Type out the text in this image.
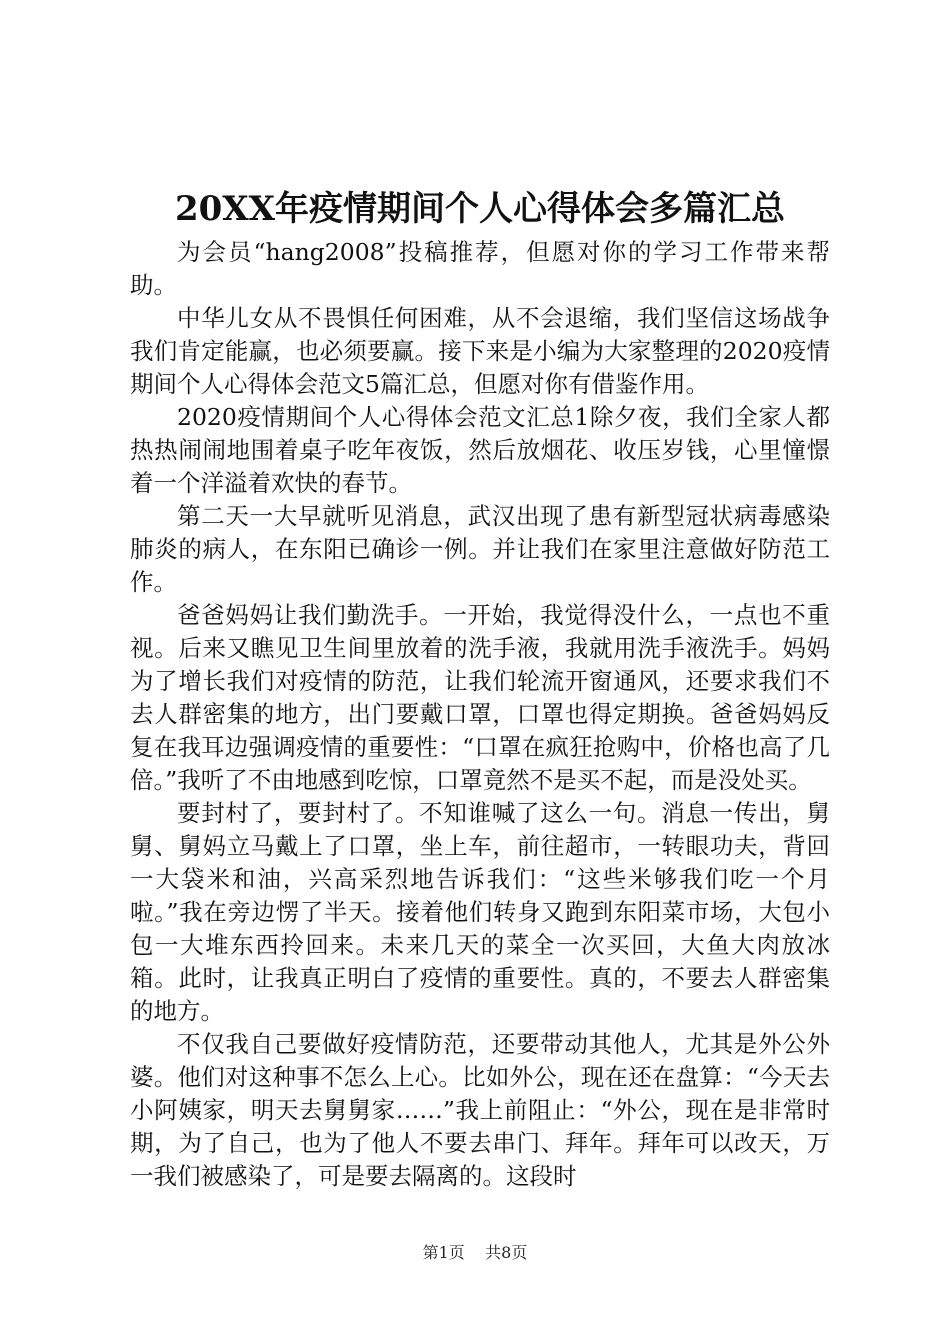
20XX年疫情期间个人心得体会多篇汇总

为会员“hang2008”投稿推荐，但愿对你的学习工作带来帮助。

中华儿女从不畏惧任何困难，从不会退缩，我们坚信这场战争我们肯定能赢，也必须要赢。接下来是小编为大家整理的2020疫情期间个人心得体会范文5篇汇总，但愿对你有借鉴作用。

2020疫情期间个人心得体会范文汇总1除夕夜，我们全家人都热热闹闹地围着桌子吃年夜饭，然后放烟花、收压岁钱，心里憧憬着一个洋溢着欢快的春节。

第二天一大早就听见消息，武汉出现了患有新型冠状病毒感染肺炎的病人，在东阳已确诊一例。并让我们在家里注意做好防范工作。

爸爸妈妈让我们勤洗手。一开始，我觉得没什么，一点也不重视。后来又瞧见卫生间里放着的洗手液，我就用洗手液洗手。妈妈为了增长我们对疫情的防范，让我们轮流开窗通风，还要求我们不去人群密集的地方，出门要戴口罩，口罩也得定期换。爸爸妈妈反复在我耳边强调疫情的重要性：“口罩在疯狂抢购中，价格也高了几倍。”我听了不由地感到吃惊，口罩竟然不是买不起，而是没处买。

要封村了，要封村了。不知谁喊了这么一句。消息一传出，舅舅、舅妈立马戴上了口罩，坐上车，前往超市，一转眼功夫，背回一大袋米和油，兴高采烈地告诉我们：“这些米够我们吃一个月啦。”我在旁边愣了半天。接着他们转身又跑到东阳菜市场，大包小包一大堆东西拎回来。未来几天的菜全一次买回，大鱼大肉放冰箱。此时，让我真正明白了疫情的重要性。真的，不要去人群密集的地方。

不仅我自己要做好疫情防范，还要带动其他人，尤其是外公外婆。他们对这种事不怎么上心。比如外公，现在还在盘算：“今天去小阿姨家，明天去舅舅家……”我上前阻止：“外公，现在是非常时期，为了自己，也为了他人不要去串门、拜年。拜年可以改天，万一我们被感染了，可是要去隔离的。这段时

第1页 共8页
